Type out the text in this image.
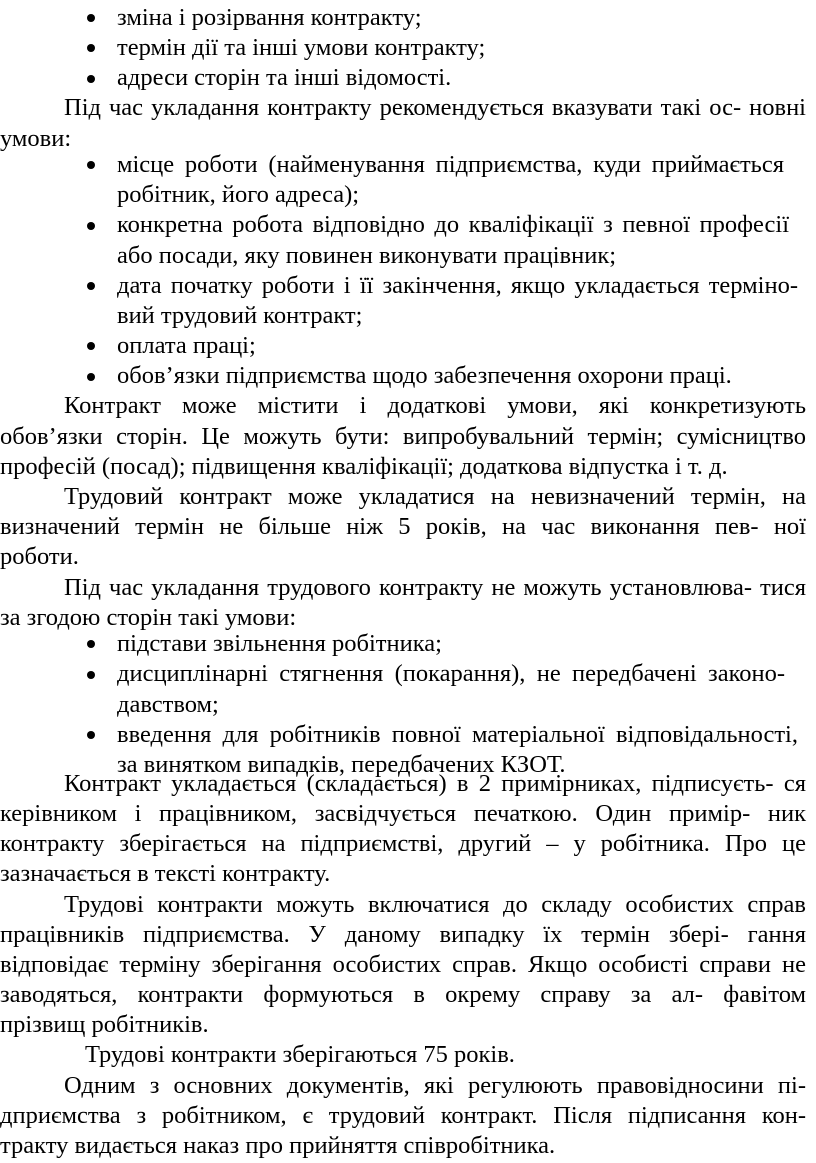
зміна і розірвання контракту;
термін дії та інші умови контракту;
адреси сторін та інші відомості.
Під час укладання контракту рекомендується вказувати такі ос- новні
умови:
місце роботи (найменування підприємства, куди приймається
робітник, його адреса);
конкретна робота відповідно до кваліфікації з певної професії
або посади, яку повинен виконувати працівник;
дата початку роботи і її закінчення, якщо укладається терміно-
вий трудовий контракт;
оплата праці;
обов’язки підприємства щодо забезпечення охорони праці.
Контракт може містити і додаткові умови, які конкретизують
обов’язки сторін. Це можуть бути: випробувальний термін; сумісництво
професій (посад); підвищення кваліфікації; додаткова відпустка і т. д.
Трудовий контракт може укладатися на невизначений термін, на
визначений термін не більше ніж 5 років, на час виконання пев- ної
роботи.
Під час укладання трудового контракту не можуть установлюва- тися
за згодою сторін такі умови:
підстави звільнення робітника;
дисциплінарні стягнення (покарання), не передбачені законо-
давством;
введення для робітників повної матеріальної відповідальності,
за винятком випадків, передбачених КЗОТ.
Контракт укладається (складається) в 2 примірниках, підписуєть- ся
керівником і працівником, засвідчується печаткою. Один примір- ник
контракту зберігається на підприємстві, другий – у робітника. Про це
зазначається в тексті контракту.
Трудові контракти можуть включатися до складу особистих справ
працівників підприємства. У даному випадку їх термін зберi- гання
відповідає терміну зберігання особистих справ. Якщо особисті справи не
заводяться, контракти формуються в окрему справу за ал- фавітом
прізвищ робітників.
Трудові контракти зберігаються 75 років.
Одним з основних документів, які регулюють правовідносини пі-
дприємства з робітником, є трудовий контракт. Після підписання кон-
тракту видається наказ про прийняття співробітника.
